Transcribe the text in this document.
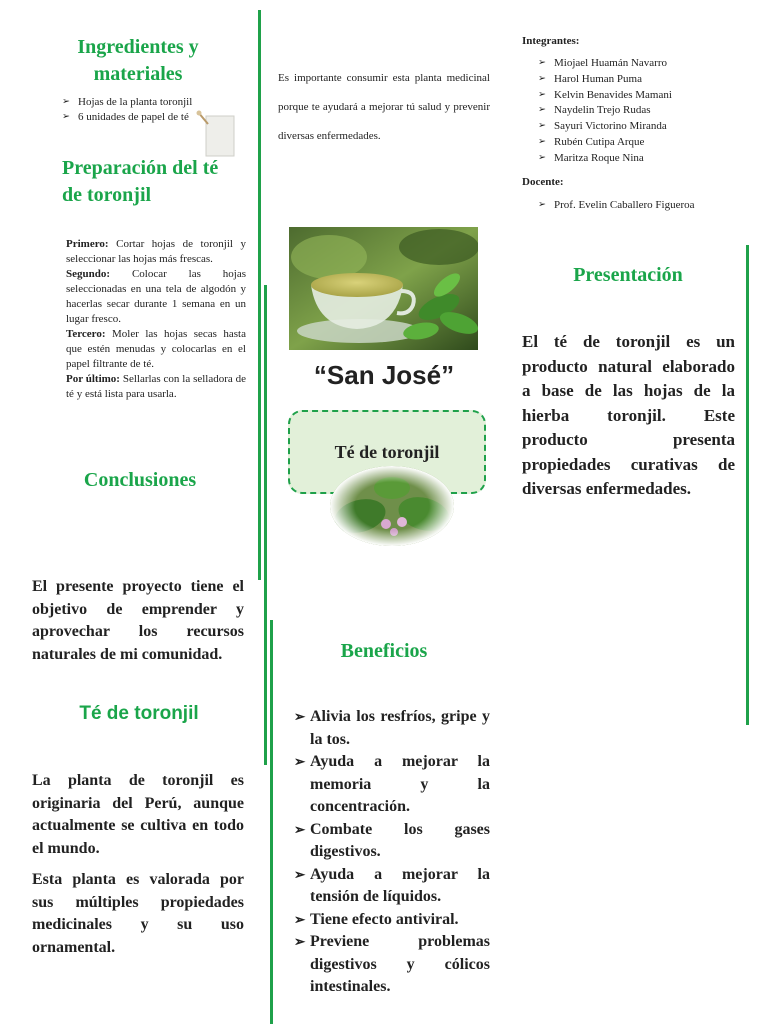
Ingredientes y materiales
➢ Hojas de la planta toronjil
➢ 6 unidades de papel de té
Preparación del té de toronjil

Primero: Cortar hojas de toronjil y seleccionar las hojas más frescas.

Segundo: Colocar las hojas seleccionadas en una tela de algodón y hacerlas secar durante 1 semana en un lugar fresco.

Tercero: Moler las hojas secas hasta que estén menudas y colocarlas en el papel filtrante de té.

Por último: Sellarlas con la selladora de té y está lista para usarla.

Conclusiones
El presente proyecto tiene el objetivo de emprender y aprovechar los recursos naturales de mi comunidad.
Té de toronjil
La planta de toronjil es originaria del Perú, aunque actualmente se cultiva en todo el mundo.
Esta planta es valorada por sus múltiples propiedades medicinales y su uso ornamental.
Es importante consumir esta planta medicinal porque te ayudará a mejorar tú salud y prevenir diversas enfermedades.
“San José”
Té de toronjil
Beneficios
➢ Alivia los resfríos, gripe y la tos.
➢ Ayuda a mejorar la memoria y la concentración.
➢ Combate los gases digestivos.
➢ Ayuda a mejorar la tensión de líquidos.
➢ Tiene efecto antiviral.
➢ Previene problemas digestivos y cólicos intestinales.
Integrantes:
➢ Miojael Huamán Navarro
➢ Harol Human Puma
➢ Kelvin Benavides Mamani
➢ Naydelin Trejo Rudas
➢ Sayuri Victorino Miranda
➢ Rubén Cutipa Arque
➢ Maritza Roque Nina
Docente:
➢ Prof. Evelin Caballero Figueroa
Presentación
El té de toronjil es un producto natural elaborado a base de las hojas de la hierba toronjil. Este producto presenta propiedades curativas de diversas enfermedades.
